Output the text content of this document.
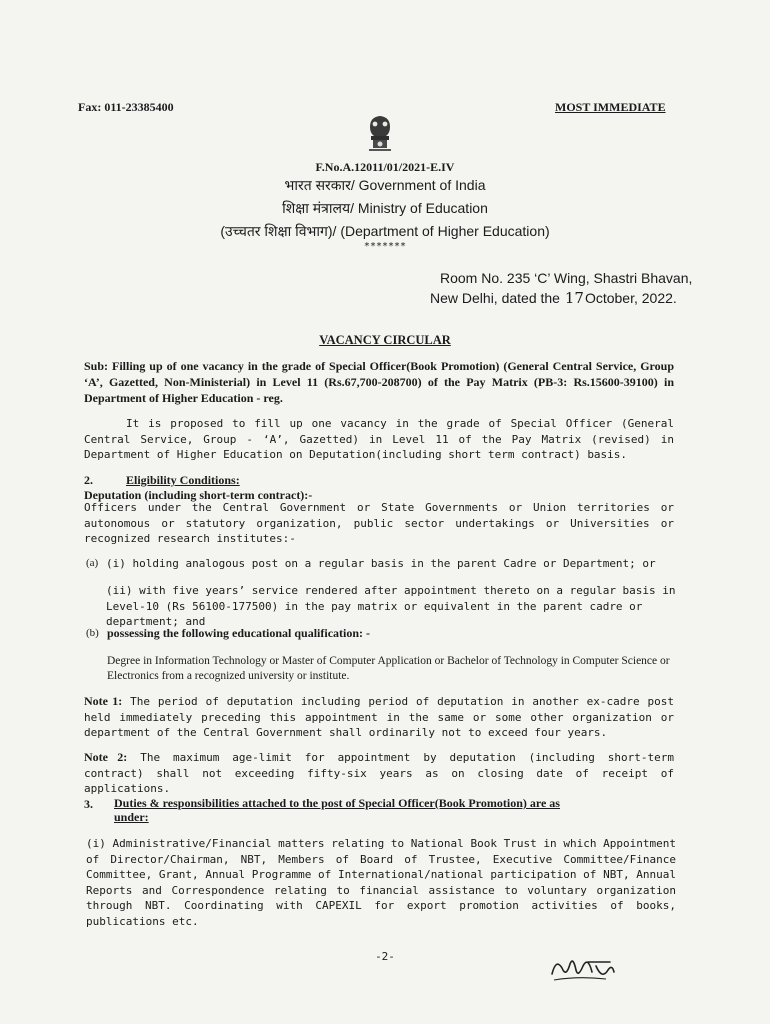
Fax: 011-23385400	MOST IMMEDIATE
F.No.A.12011/01/2021-E.IV
भारत सरकार/ Government of India
शिक्षा मंत्रालय/ Ministry of Education
(उच्चतर शिक्षा विभाग)/ (Department of Higher Education)
*******
Room No. 235 ‘C’ Wing, Shastri Bhavan,
New Delhi, dated the 17October, 2022.
VACANCY CIRCULAR
Sub: Filling up of one vacancy in the grade of Special Officer(Book Promotion) (General Central Service, Group ‘A’, Gazetted, Non-Ministerial) in Level 11 (Rs.67,700-208700) of the Pay Matrix (PB-3: Rs.15600-39100) in Department of Higher Education - reg.
It is proposed to fill up one vacancy in the grade of Special Officer (General Central Service, Group - ‘A’, Gazetted) in Level 11 of the Pay Matrix (revised) in Department of Higher Education on Deputation(including short term contract) basis.
2.	Eligibility Conditions:
Deputation (including short-term contract):-
Officers under the Central Government or State Governments or Union territories or autonomous or statutory organization, public sector undertakings or Universities or recognized research institutes:-
(a) (i) holding analogous post on a regular basis in the parent Cadre or Department; or
(ii) with five years’ service rendered after appointment thereto on a regular basis in Level-10 (Rs 56100-177500) in the pay matrix or equivalent in the parent cadre or department; and
(b) possessing the following educational qualification: -
Degree in Information Technology or Master of Computer Application or Bachelor of Technology in Computer Science or Electronics from a recognized university or institute.
Note 1: The period of deputation including period of deputation in another ex-cadre post held immediately preceding this appointment in the same or some other organization or department of the Central Government shall ordinarily not to exceed four years.
Note 2: The maximum age-limit for appointment by deputation (including short-term contract) shall not exceeding fifty-six years as on closing date of receipt of applications.
3. Duties & responsibilities attached to the post of Special Officer(Book Promotion) are as
under:
(i) Administrative/Financial matters relating to National Book Trust in which Appointment of Director/Chairman, NBT, Members of Board of Trustee, Executive Committee/Finance Committee, Grant, Annual Programme of International/national participation of NBT, Annual Reports and Correspondence relating to financial assistance to voluntary organization through NBT. Coordinating with CAPEXIL for export promotion activities of books, publications etc.
-2-
